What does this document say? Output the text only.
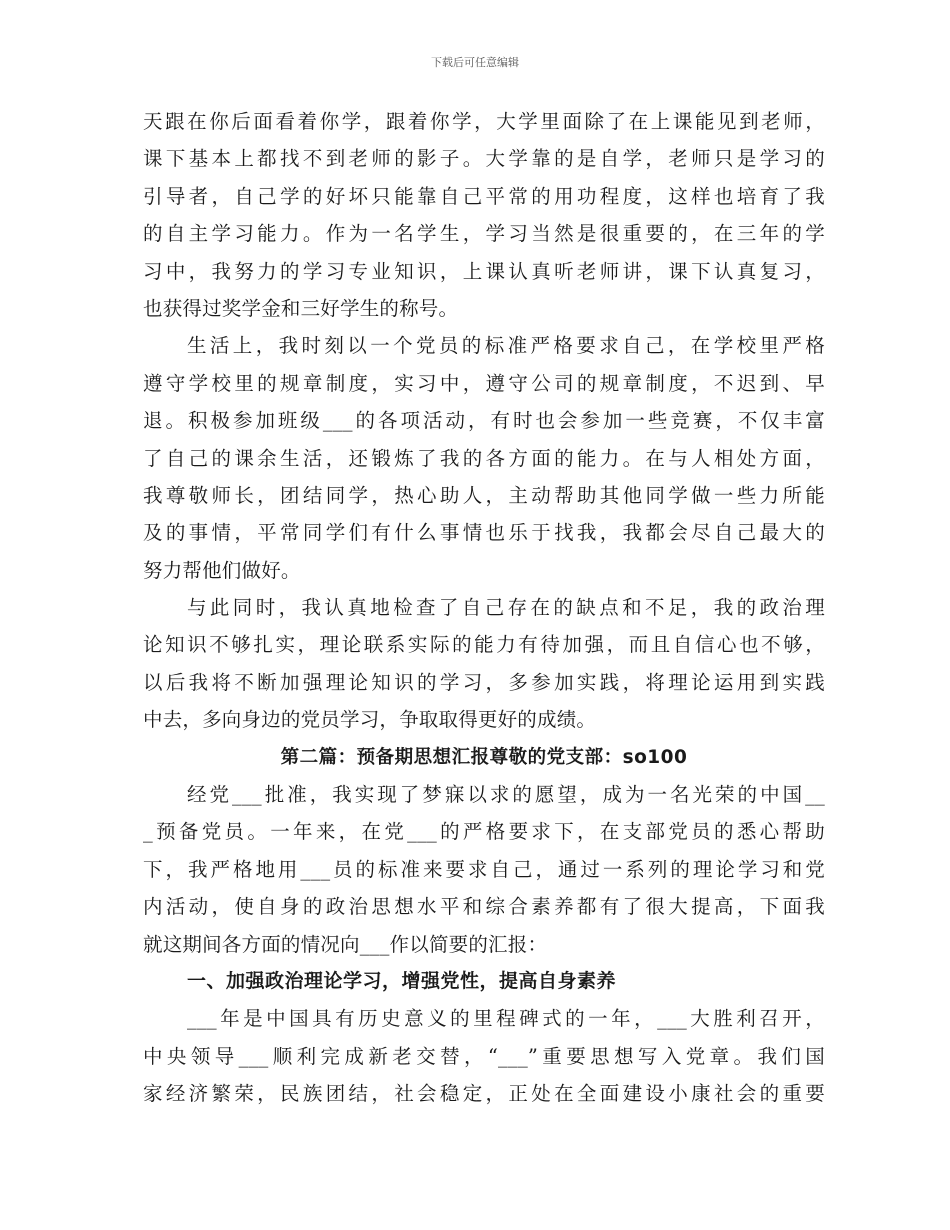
下载后可任意编辑
天跟在你后面看着你学，跟着你学，大学里面除了在上课能见到老师，
课下基本上都找不到老师的影子。大学靠的是自学，老师只是学习的
引导者，自己学的好坏只能靠自己平常的用功程度，这样也培育了我
的自主学习能力。作为一名学生，学习当然是很重要的，在三年的学
习中，我努力的学习专业知识，上课认真听老师讲，课下认真复习，
也获得过奖学金和三好学生的称号。
生活上，我时刻以一个党员的标准严格要求自己，在学校里严格
遵守学校里的规章制度，实习中，遵守公司的规章制度，不迟到、早
退。积极参加班级___的各项活动，有时也会参加一些竞赛，不仅丰富
了自己的课余生活，还锻炼了我的各方面的能力。在与人相处方面，
我尊敬师长，团结同学，热心助人，主动帮助其他同学做一些力所能
及的事情，平常同学们有什么事情也乐于找我，我都会尽自己最大的
努力帮他们做好。
与此同时，我认真地检查了自己存在的缺点和不足，我的政治理
论知识不够扎实，理论联系实际的能力有待加强，而且自信心也不够，
以后我将不断加强理论知识的学习，多参加实践，将理论运用到实践
中去，多向身边的党员学习，争取取得更好的成绩。
第二篇：预备期思想汇报尊敬的党支部：so100
经党___批准，我实现了梦寐以求的愿望，成为一名光荣的中国__
_预备党员。一年来，在党___的严格要求下，在支部党员的悉心帮助
下，我严格地用___员的标准来要求自己，通过一系列的理论学习和党
内活动，使自身的政治思想水平和综合素养都有了很大提高，下面我
就这期间各方面的情况向___作以简要的汇报：
一、加强政治理论学习，增强党性，提高自身素养
___年是中国具有历史意义的里程碑式的一年，___大胜利召开，
中央领导___顺利完成新老交替，“___”重要思想写入党章。我们国
家经济繁荣，民族团结，社会稳定，正处在全面建设小康社会的重要
